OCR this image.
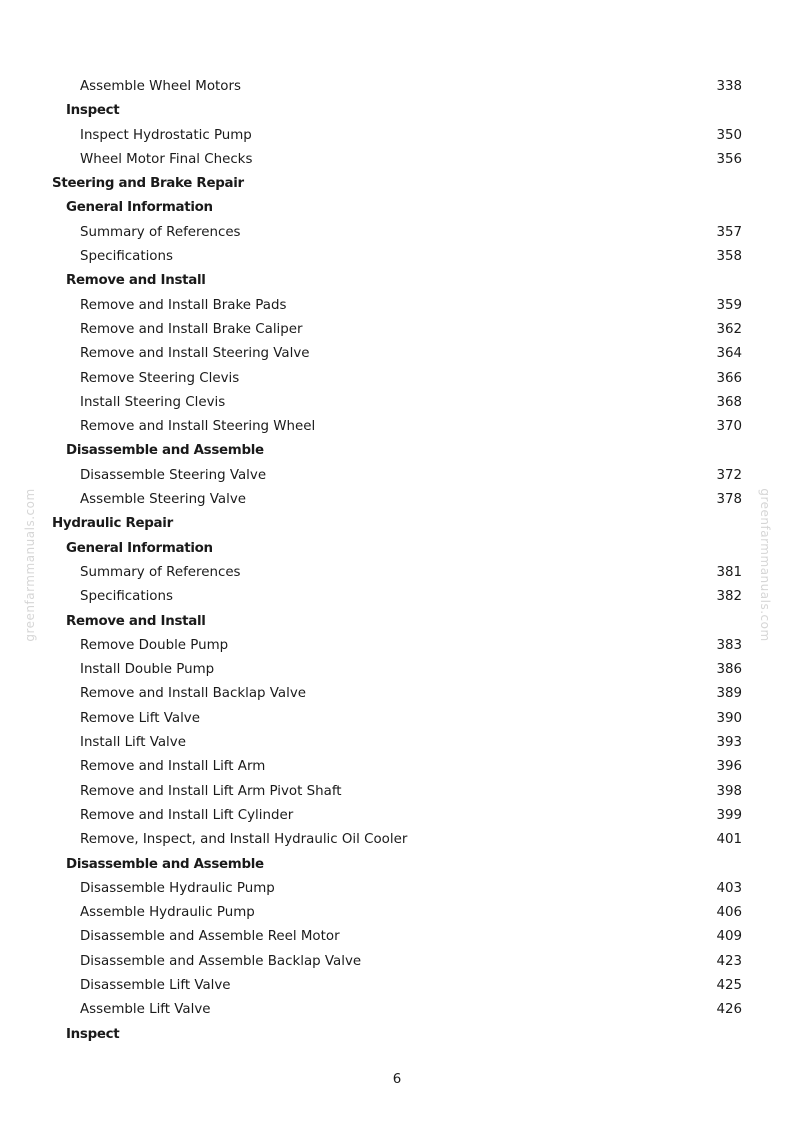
Assemble Wheel Motors	338
Inspect
Inspect Hydrostatic Pump	350
Wheel Motor Final Checks	356
Steering and Brake Repair
General Information
Summary of References	357
Specifications	358
Remove and Install
Remove and Install Brake Pads	359
Remove and Install Brake Caliper	362
Remove and Install Steering Valve	364
Remove Steering Clevis	366
Install Steering Clevis	368
Remove and Install Steering Wheel	370
Disassemble and Assemble
Disassemble Steering Valve	372
Assemble Steering Valve	378
Hydraulic Repair
General Information
Summary of References	381
Specifications	382
Remove and Install
Remove Double Pump	383
Install Double Pump	386
Remove and Install Backlap Valve	389
Remove Lift Valve	390
Install Lift Valve	393
Remove and Install Lift Arm	396
Remove and Install Lift Arm Pivot Shaft	398
Remove and Install Lift Cylinder	399
Remove, Inspect, and Install Hydraulic Oil Cooler	401
Disassemble and Assemble
Disassemble Hydraulic Pump	403
Assemble Hydraulic Pump	406
Disassemble and Assemble Reel Motor	409
Disassemble and Assemble Backlap Valve	423
Disassemble Lift Valve	425
Assemble Lift Valve	426
Inspect
greenfarmmanuals.com	greenfarmmanuals.com
6
